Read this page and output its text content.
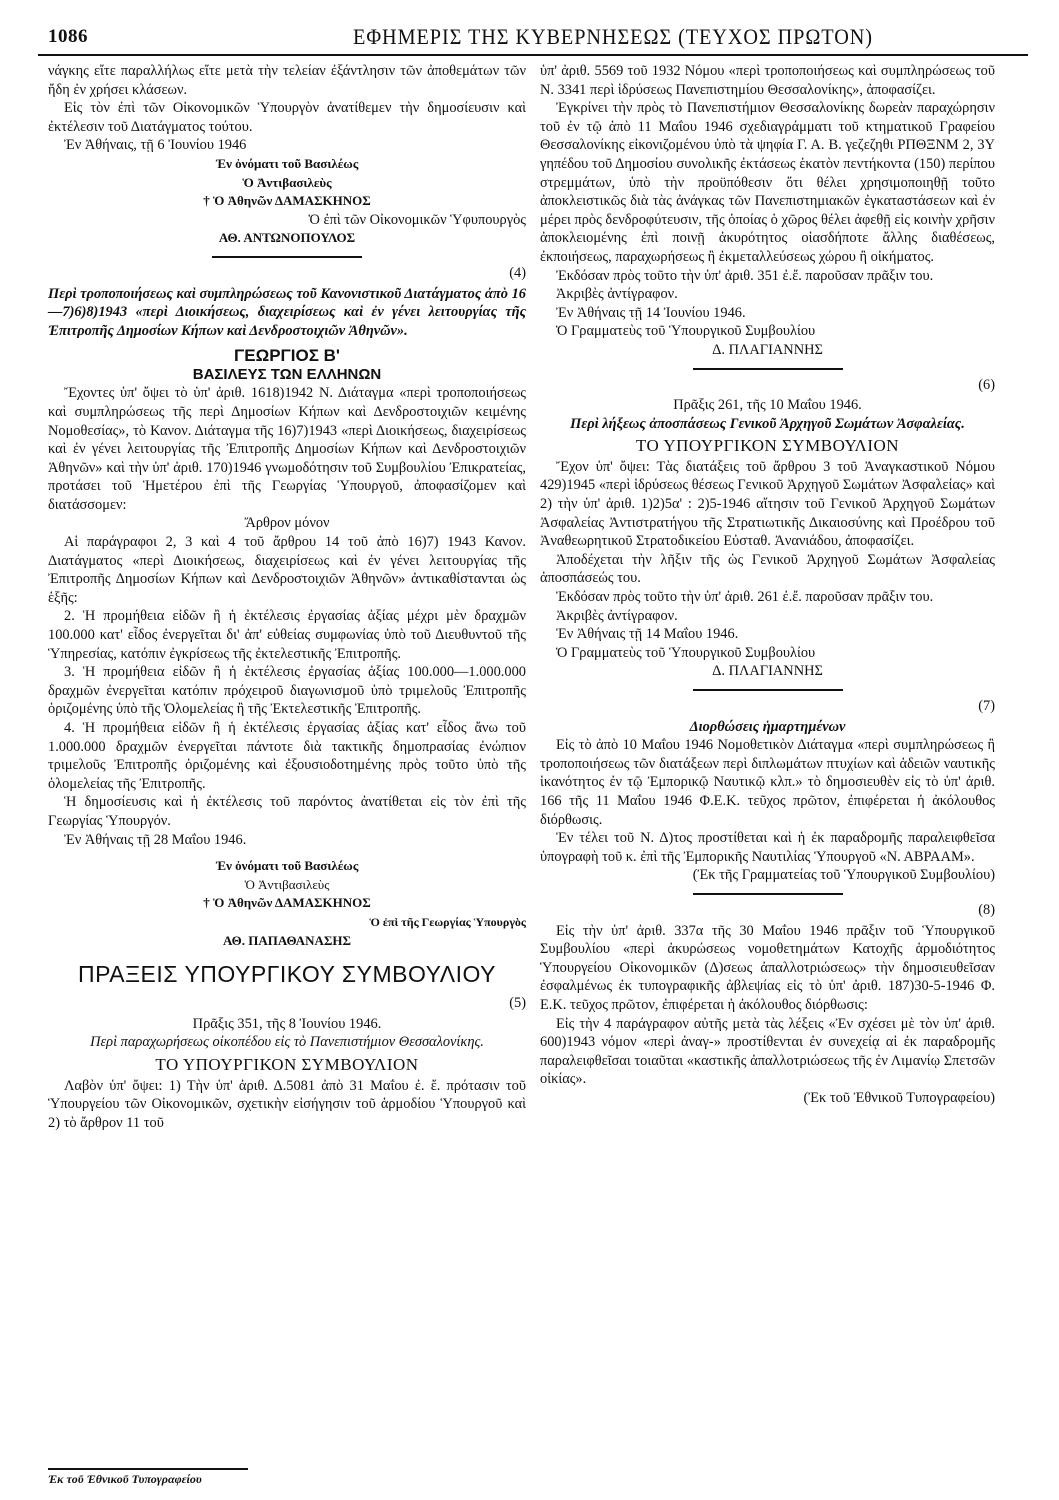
1086	ΕΦΗΜΕΡΙΣ ΤΗΣ ΚΥΒΕΡΝΗΣΕΩΣ (ΤΕΥΧΟΣ ΠΡΩΤΟΝ)

νάγκης εἴτε παραλλήλως εἴτε μετὰ τὴν τελείαν ἐξάντλησιν τῶν ἀποθεμάτων τῶν ἤδη ἐν χρήσει κλάσεων.

Εἰς τὸν ἐπὶ τῶν Οἰκονομικῶν Ὑπουργὸν ἀνατίθεμεν τὴν δημοσίευσιν καὶ ἐκτέλεσιν τοῦ Διατάγματος τούτου.

Ἐν Ἀθήναις, τῇ 6 Ἰουνίου 1946

Ἐν ὀνόματι τοῦ Βασιλέως

Ὁ Ἀντιβασιλεὺς

† Ὁ Ἀθηνῶν ΔΑΜΑΣΚΗΝΟΣ

Ὁ ἐπὶ τῶν Οἰκονομικῶν Ὑφυπουργὸς

ΑΘ. ΑΝΤΩΝΟΠΟΥΛΟΣ

(4)

Περὶ τροποποιήσεως καὶ συμπληρώσεως τοῦ Κανονιστικοῦ Διατάγματος ἀπὸ 16—7)6)8)1943 «περὶ Διοικήσεως, διαχειρίσεως καὶ ἐν γένει λειτουργίας τῆς Ἐπιτροπῆς Δημοσίων Κήπων καὶ Δενδροστοιχιῶν Ἀθηνῶν».

ΓΕΩΡΓΙΟΣ Β'

ΒΑΣΙΛΕΥΣ ΤΩΝ ΕΛΛΗΝΩΝ

Ἔχοντες ὑπ' ὄψει τὸ ὑπ' ἀριθ. 1618)1942 Ν. Διάταγμα «περὶ τροποποιήσεως καὶ συμπληρώσεως τῆς περὶ Δημοσίων Κήπων καὶ Δενδροστοιχιῶν κειμένης Νομοθεσίας», τὸ Κανον. Διάταγμα τῆς 16)7)1943 «περὶ Διοικήσεως, διαχειρίσεως καὶ ἐν γένει λειτουργίας τῆς Ἐπιτροπῆς Δημοσίων Κήπων καὶ Δενδροστοιχιῶν Ἀθηνῶν» καὶ τὴν ὑπ' ἀριθ. 170)1946 γνωμοδότησιν τοῦ Συμβουλίου Ἐπικρατείας, προτάσει τοῦ Ἡμετέρου ἐπὶ τῆς Γεωργίας Ὑπουργοῦ, ἀποφασίζομεν καὶ διατάσσομεν:

Ἄρθρον μόνον

Αἱ παράγραφοι 2, 3 καὶ 4 τοῦ ἄρθρου 14 τοῦ ἀπὸ 16)7) 1943 Κανον. Διατάγματος «περὶ Διοικήσεως, διαχειρίσεως καὶ ἐν γένει λειτουργίας τῆς Ἐπιτροπῆς Δημοσίων Κήπων καὶ Δενδροστοιχιῶν Ἀθηνῶν» ἀντικαθίστανται ὡς ἑξῆς:

2. Ἡ προμήθεια εἰδῶν ἢ ἡ ἐκτέλεσις ἐργασίας ἀξίας μέχρι μὲν δραχμῶν 100.000 κατ' εἶδος ἐνεργεῖται δι' ἀπ' εὐθείας συμφωνίας ὑπὸ τοῦ Διευθυντοῦ τῆς Ὑπηρεσίας, κατόπιν ἐγκρίσεως τῆς ἐκτελεστικῆς Ἐπιτροπῆς.

3. Ἡ προμήθεια εἰδῶν ἢ ἡ ἐκτέλεσις ἐργασίας ἀξίας 100.000—1.000.000 δραχμῶν ἐνεργεῖται κατόπιν πρόχειροῦ διαγωνισμοῦ ὑπὸ τριμελοῦς Ἐπιτροπῆς ὁριζομένης ὑπὸ τῆς Ὁλομελείας ἢ τῆς Ἐκτελεστικῆς Ἐπιτροπῆς.

4. Ἡ προμήθεια εἰδῶν ἢ ἡ ἐκτέλεσις ἐργασίας ἀξίας κατ' εἶδος ἄνω τοῦ 1.000.000 δραχμῶν ἐνεργεῖται πάντοτε διὰ τακτικῆς δημοπρασίας ἐνώπιον τριμελοῦς Ἐπιτροπῆς ὁριζομένης καὶ ἐξουσιοδοτημένης πρὸς τοῦτο ὑπὸ τῆς ὁλομελείας τῆς Ἐπιτροπῆς.

Ἡ δημοσίευσις καὶ ἡ ἐκτέλεσις τοῦ παρόντος ἀνατίθεται εἰς τὸν ἐπὶ τῆς Γεωργίας Ὑπουργόν.

Ἐν Ἀθήναις τῇ 28 Μαΐου 1946.

Ἐν ὀνόματι τοῦ Βασιλέως

Ὁ Ἀντιβασιλεὺς

† Ὁ Ἀθηνῶν ΔΑΜΑΣΚΗΝΟΣ

Ὁ ἐπὶ τῆς Γεωργίας Ὑπουργὸς

ΑΘ. ΠΑΠΑΘΑΝΑΣΗΣ

ΠΡΑΞΕΙΣ ΥΠΟΥΡΓΙΚΟΥ ΣΥΜΒΟΥΛΙΟΥ

(5)

Πρᾶξις 351, τῆς 8 Ἰουνίου 1946.

Περὶ παραχωρήσεως οἰκοπέδου εἰς τὸ Πανεπιστήμιον Θεσσαλονίκης.

ΤΟ ΥΠΟΥΡΓΙΚΟΝ ΣΥΜΒΟΥΛΙΟΝ

Λαβὸν ὑπ' ὄψει: 1) Τὴν ὑπ' ἀριθ. Δ.5081 ἀπὸ 31 Μαΐου ἐ. ἔ. πρότασιν τοῦ Ὑπουργείου τῶν Οἰκονομικῶν, σχετικὴν εἰσήγησιν τοῦ ἁρμοδίου Ὑπουργοῦ καὶ 2) τὸ ἄρθρον 11 τοῦ

ὑπ' ἀριθ. 5569 τοῦ 1932 Νόμου «περὶ τροποποιήσεως καὶ συμπληρώσεως τοῦ Ν. 3341 περὶ ἱδρύσεως Πανεπιστημίου Θεσσαλονίκης», ἀποφασίζει.

Ἐγκρίνει τὴν πρὸς τὸ Πανεπιστήμιον Θεσσαλονίκης δωρεὰν παραχώρησιν τοῦ ἐν τῷ ἀπὸ 11 Μαΐου 1946 σχεδιαγράμματι τοῦ κτηματικοῦ Γραφείου Θεσσαλονίκης εἰκονιζομένου ὑπὸ τὰ ψηφία Γ. Α. Β. γεζεζηθι ΡΠΘΞΝΜ 2, 3Υ γηπέδου τοῦ Δημοσίου συνολικῆς ἐκτάσεως ἑκατὸν πεντήκοντα (150) περίπου στρεμμάτων, ὑπὸ τὴν προϋπόθεσιν ὅτι θέλει χρησιμοποιηθῇ τοῦτο ἀποκλειστικῶς διὰ τὰς ἀνάγκας τῶν Πανεπιστημιακῶν ἐγκαταστάσεων καὶ ἐν μέρει πρὸς δενδροφύτευσιν, τῆς ὁποίας ὁ χῶρος θέλει ἀφεθῇ εἰς κοινὴν χρῆσιν ἀποκλειομένης ἐπὶ ποινῇ ἀκυρότητος οἱασδήποτε ἄλλης διαθέσεως, ἐκποιήσεως, παραχωρήσεως ἢ ἐκμεταλλεύσεως χώρου ἢ οἰκήματος.

Ἐκδόσαν πρὸς τοῦτο τὴν ὑπ' ἀριθ. 351 ἐ.ἔ. παροῦσαν πρᾶξιν του.

Ἀκριβὲς ἀντίγραφον.

Ἐν Ἀθήναις τῇ 14 Ἰουνίου 1946.

Ὁ Γραμματεὺς τοῦ Ὑπουργικοῦ Συμβουλίου

Δ. ΠΛΑΓΙΑΝΝΗΣ

(6)

Πρᾶξις 261, τῆς 10 Μαΐου 1946.

Περὶ λήξεως ἀποσπάσεως Γενικοῦ Ἀρχηγοῦ Σωμάτων Ἀσφαλείας.

ΤΟ ΥΠΟΥΡΓΙΚΟΝ ΣΥΜΒΟΥΛΙΟΝ

Ἔχον ὑπ' ὄψει: Τὰς διατάξεις τοῦ ἄρθρου 3 τοῦ Ἀναγκαστικοῦ Νόμου 429)1945 «περὶ ἱδρύσεως θέσεως Γενικοῦ Ἀρχηγοῦ Σωμάτων Ἀσφαλείας» καὶ 2) τὴν ὑπ' ἀριθ. 1)2)5α' : 2)5-1946 αἴτησιν τοῦ Γενικοῦ Ἀρχηγοῦ Σωμάτων Ἀσφαλείας Ἀντιστρατήγου τῆς Στρατιωτικῆς Δικαιοσύνης καὶ Προέδρου τοῦ Ἀναθεωρητικοῦ Στρατοδικείου Εὐσταθ. Ἀνανιάδου, ἀποφασίζει.

Ἀποδέχεται τὴν λῆξιν τῆς ὡς Γενικοῦ Ἀρχηγοῦ Σωμάτων Ἀσφαλείας ἀποσπάσεώς του.

Ἐκδόσαν πρὸς τοῦτο τὴν ὑπ' ἀριθ. 261 ἐ.ἔ. παροῦσαν πρᾶξιν του.

Ἀκριβὲς ἀντίγραφον.

Ἐν Ἀθήναις τῇ 14 Μαΐου 1946.

Ὁ Γραμματεὺς τοῦ Ὑπουργικοῦ Συμβουλίου

Δ. ΠΛΑΓΙΑΝΝΗΣ

(7)

Διορθώσεις ἡμαρτημένων

Εἰς τὸ ἀπὸ 10 Μαΐου 1946 Νομοθετικὸν Διάταγμα «περὶ συμπληρώσεως ἢ τροποποιήσεως τῶν διατάξεων περὶ διπλωμάτων πτυχίων καὶ ἀδειῶν ναυτικῆς ἱκανότητος ἐν τῷ Ἐμπορικῷ Ναυτικῷ κλπ.» τὸ δημοσιευθὲν εἰς τὸ ὑπ' ἀριθ. 166 τῆς 11 Μαΐου 1946 Φ.Ε.Κ. τεῦχος πρῶτον, ἐπιφέρεται ἡ ἀκόλουθος διόρθωσις.

Ἐν τέλει τοῦ Ν. Δ)τος προστίθεται καὶ ἡ ἐκ παραδρομῆς παραλειφθεῖσα ὑπογραφὴ τοῦ κ. ἐπὶ τῆς Ἐμπορικῆς Ναυτιλίας Ὑπουργοῦ «Ν. ΑΒΡΑΑΜ».

(Ἐκ τῆς Γραμματείας τοῦ Ὑπουργικοῦ Συμβουλίου)

(8)

Εἰς τὴν ὑπ' ἀριθ. 337α τῆς 30 Μαΐου 1946 πρᾶξιν τοῦ Ὑπουργικοῦ Συμβουλίου «περὶ ἀκυρώσεως νομοθετημάτων Κατοχῆς ἁρμοδιότητος Ὑπουργείου Οἰκονομικῶν (Δ)σεως ἀπαλλοτριώσεως» τὴν δημοσιευθεῖσαν ἐσφαλμένως ἐκ τυπογραφικῆς ἀβλεψίας εἰς τὸ ὑπ' ἀριθ. 187)30-5-1946 Φ. Ε.Κ. τεῦχος πρῶτον, ἐπιφέρεται ἡ ἀκόλουθος διόρθωσις:

Εἰς τὴν 4 παράγραφον αὐτῆς μετὰ τὰς λέξεις «Ἐν σχέσει μὲ τὸν ὑπ' ἀριθ. 600)1943 νόμον «περὶ ἀναγ-» προστίθενται ἐν συνεχείᾳ αἱ ἐκ παραδρομῆς παραλειφθεῖσαι τοιαῦται «καστικῆς ἀπαλλοτριώσεως τῆς ἐν Λιμανίῳ Σπετσῶν οἰκίας».

(Ἐκ τοῦ Ἐθνικοῦ Τυπογραφείου)

Ἐκ τοῦ Ἐθνικοῦ Τυπογραφείου
